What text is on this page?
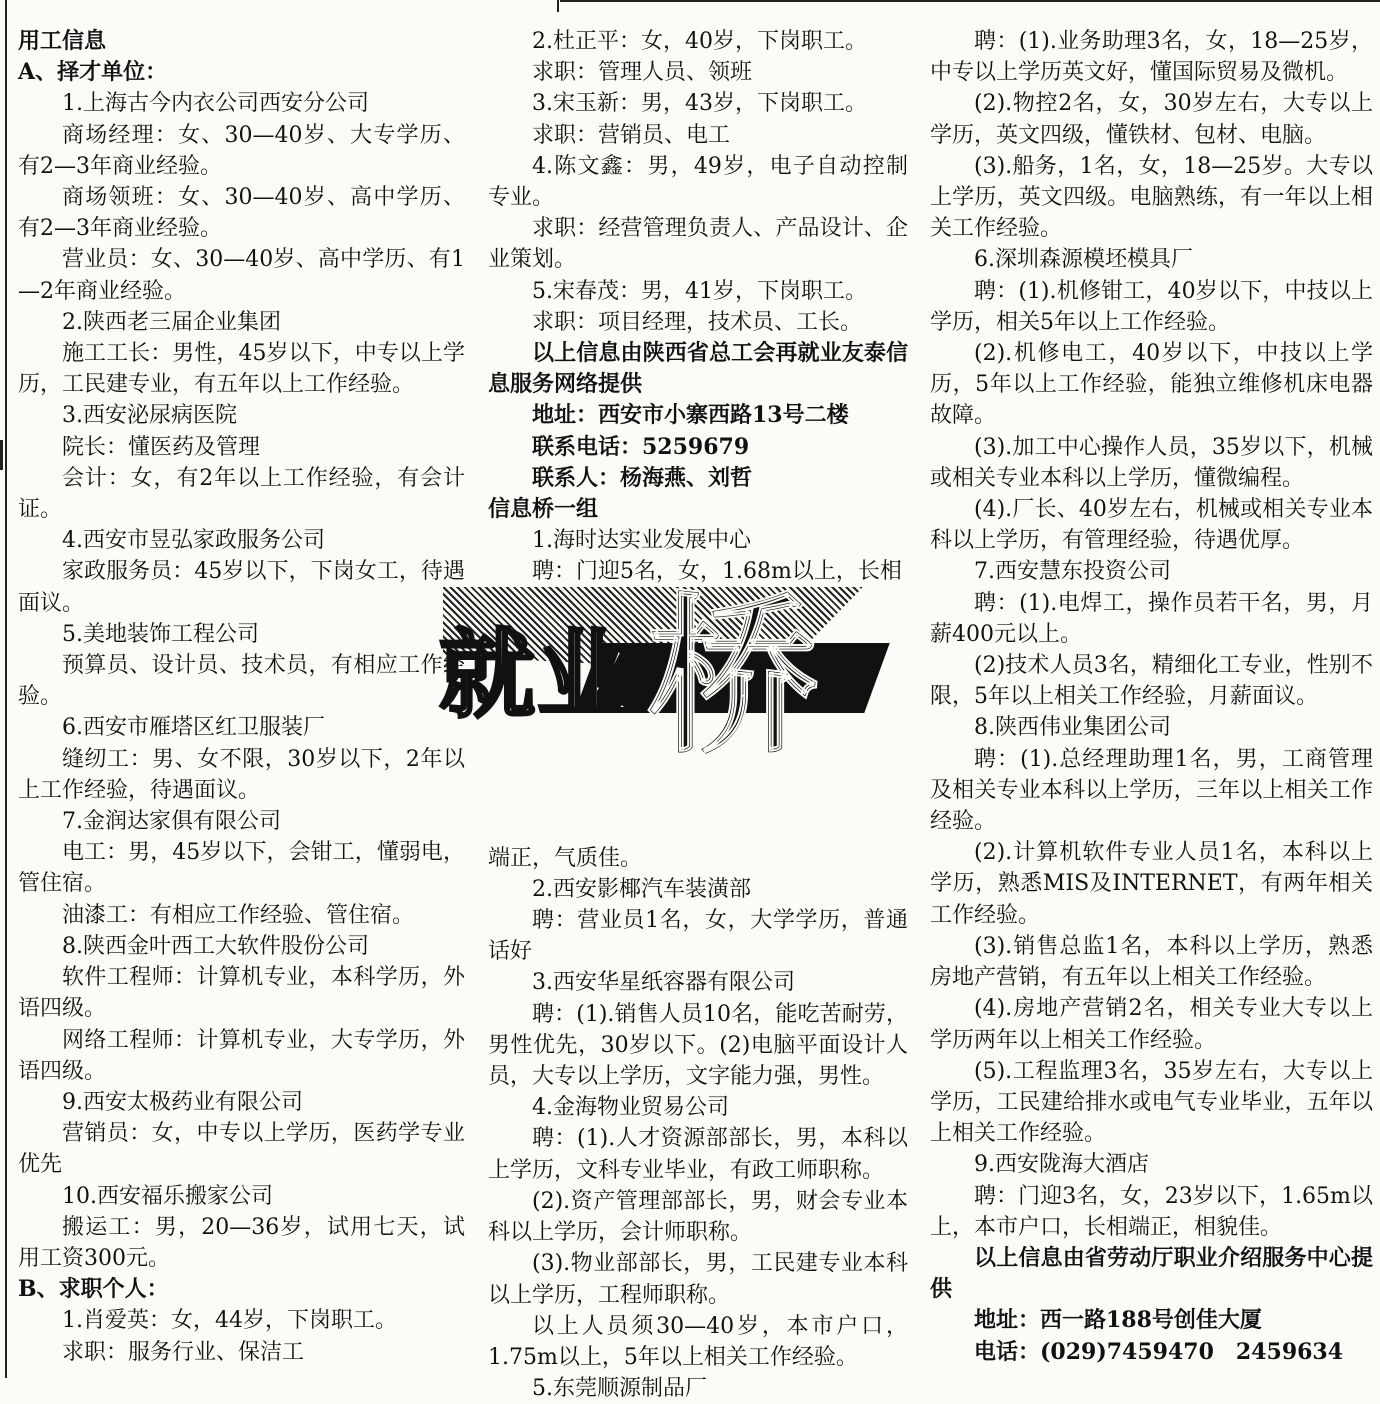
用工信息

A、择才单位：

1.上海古今内衣公司西安分公司

商场经理：女、30—40岁、大专学历、有2—3年商业经验。

商场领班：女、30—40岁、高中学历、有2—3年商业经验。

营业员：女、30—40岁、高中学历、有1—2年商业经验。

2.陕西老三届企业集团

施工工长：男性，45岁以下，中专以上学历，工民建专业，有五年以上工作经验。

3.西安泌尿病医院

院长：懂医药及管理

会计：女，有2年以上工作经验，有会计证。

4.西安市昱弘家政服务公司

家政服务员：45岁以下，下岗女工，待遇面议。

5.美地装饰工程公司

预算员、设计员、技术员，有相应工作经验。

6.西安市雁塔区红卫服装厂

缝纫工：男、女不限，30岁以下，2年以上工作经验，待遇面议。

7.金润达家俱有限公司

电工：男，45岁以下，会钳工，懂弱电，管住宿。

油漆工：有相应工作经验、管住宿。

8.陕西金叶西工大软件股份公司

软件工程师：计算机专业，本科学历，外语四级。

网络工程师：计算机专业，大专学历，外语四级。

9.西安太极药业有限公司

营销员：女，中专以上学历，医药学专业优先

10.西安福乐搬家公司

搬运工：男，20—36岁，试用七天，试用工资300元。

B、求职个人：

1.肖爱英：女，44岁，下岗职工。

求职：服务行业、保洁工

2.杜正平：女，40岁，下岗职工。

求职：管理人员、领班

3.宋玉新：男，43岁，下岗职工。

求职：营销员、电工

4.陈文鑫：男，49岁，电子自动控制专业。

求职：经营管理负责人、产品设计、企业策划。

5.宋春茂：男，41岁，下岗职工。

求职：项目经理，技术员、工长。

以上信息由陕西省总工会再就业友泰信息服务网络提供

地址：西安市小寨西路13号二楼

联系电话：5259679

联系人：杨海燕、刘哲

信息桥一组

1.海时达实业发展中心

聘：门迎5名，女，1.68m以上，长相

端正，气质佳。

2.西安影椰汽车装潢部

聘：营业员1名，女，大学学历，普通话好

3.西安华星纸容器有限公司

聘：(1).销售人员10名，能吃苦耐劳，男性优先，30岁以下。(2)电脑平面设计人员，大专以上学历，文字能力强，男性。

4.金海物业贸易公司

聘：(1).人才资源部部长，男，本科以上学历，文科专业毕业，有政工师职称。

(2).资产管理部部长，男，财会专业本科以上学历，会计师职称。

(3).物业部部长，男，工民建专业本科以上学历，工程师职称。

以上人员须30—40岁，本市户口，1.75m以上，5年以上相关工作经验。

5.东莞顺源制品厂

聘：(1).业务助理3名，女，18—25岁，中专以上学历英文好，懂国际贸易及微机。

(2).物控2名，女，30岁左右，大专以上学历，英文四级，懂铁材、包材、电脑。

(3).船务，1名，女，18—25岁。大专以上学历，英文四级。电脑熟练，有一年以上相关工作经验。

6.深圳森源模坯模具厂

聘：(1).机修钳工，40岁以下，中技以上学历，相关5年以上工作经验。

(2).机修电工，40岁以下，中技以上学历，5年以上工作经验，能独立维修机床电器故障。

(3).加工中心操作人员，35岁以下，机械或相关专业本科以上学历，懂微编程。

(4).厂长、40岁左右，机械或相关专业本科以上学历，有管理经验，待遇优厚。

7.西安慧东投资公司

聘：(1).电焊工，操作员若干名，男，月薪400元以上。

(2)技术人员3名，精细化工专业，性别不限，5年以上相关工作经验，月薪面议。

8.陕西伟业集团公司

聘：(1).总经理助理1名，男，工商管理及相关专业本科以上学历，三年以上相关工作经验。

(2).计算机软件专业人员1名，本科以上学历，熟悉MIS及INTERNET，有两年相关工作经验。

(3).销售总监1名，本科以上学历，熟悉房地产营销，有五年以上相关工作经验。

(4).房地产营销2名，相关专业大专以上学历两年以上相关工作经验。

(5).工程监理3名，35岁左右，大专以上学历，工民建给排水或电气专业毕业，五年以上相关工作经验。

9.西安陇海大酒店

聘：门迎3名，女，23岁以下，1.65m以上，本市户口，长相端正，相貌佳。

以上信息由省劳动厅职业介绍服务中心提供

地址：西一路188号创佳大厦

电话：(029)7459470　2459634

就业 桥
